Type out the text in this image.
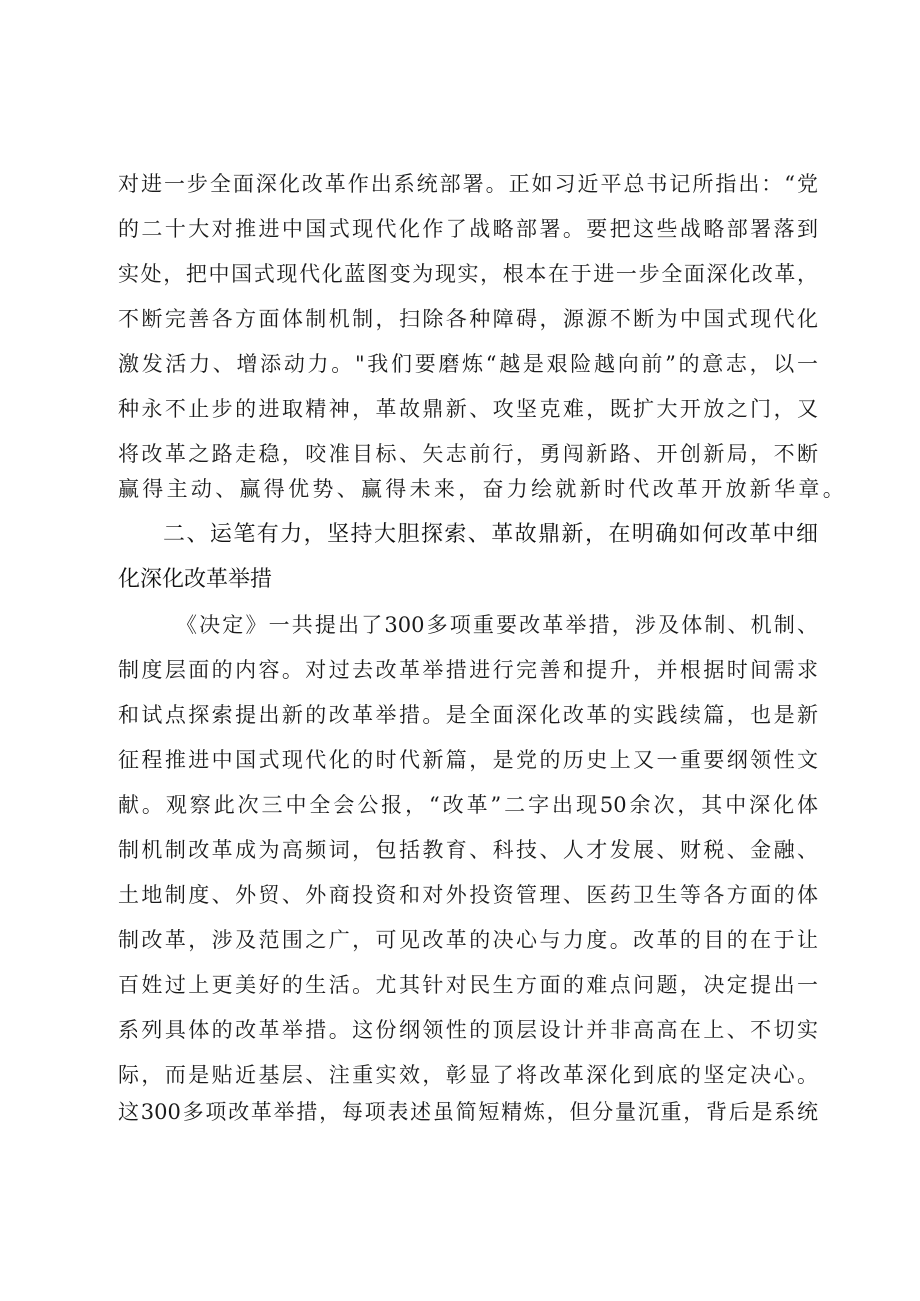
对进一步全面深化改革作出系统部署。正如习近平总书记所指出：“党
的二十大对推进中国式现代化作了战略部署。要把这些战略部署落到
实处，把中国式现代化蓝图变为现实，根本在于进一步全面深化改革，
不断完善各方面体制机制，扫除各种障碍，源源不断为中国式现代化
激发活力、增添动力。"我们要磨炼“越是艰险越向前”的意志，以一
种永不止步的进取精神，革故鼎新、攻坚克难，既扩大开放之门，又
将改革之路走稳，咬准目标、矢志前行，勇闯新路、开创新局，不断
赢得主动、赢得优势、赢得未来，奋力绘就新时代改革开放新华章。
二、运笔有力，坚持大胆探索、革故鼎新，在明确如何改革中细
化深化改革举措
《决定》一共提出了300多项重要改革举措，涉及体制、机制、
制度层面的内容。对过去改革举措进行完善和提升，并根据时间需求
和试点探索提出新的改革举措。是全面深化改革的实践续篇，也是新
征程推进中国式现代化的时代新篇，是党的历史上又一重要纲领性文
献。观察此次三中全会公报，“改革”二字出现50余次，其中深化体
制机制改革成为高频词，包括教育、科技、人才发展、财税、金融、
土地制度、外贸、外商投资和对外投资管理、医药卫生等各方面的体
制改革，涉及范围之广，可见改革的决心与力度。改革的目的在于让
百姓过上更美好的生活。尤其针对民生方面的难点问题，决定提出一
系列具体的改革举措。这份纲领性的顶层设计并非高高在上、不切实
际，而是贴近基层、注重实效，彰显了将改革深化到底的坚定决心。
这300多项改革举措，每项表述虽简短精炼，但分量沉重，背后是系统
